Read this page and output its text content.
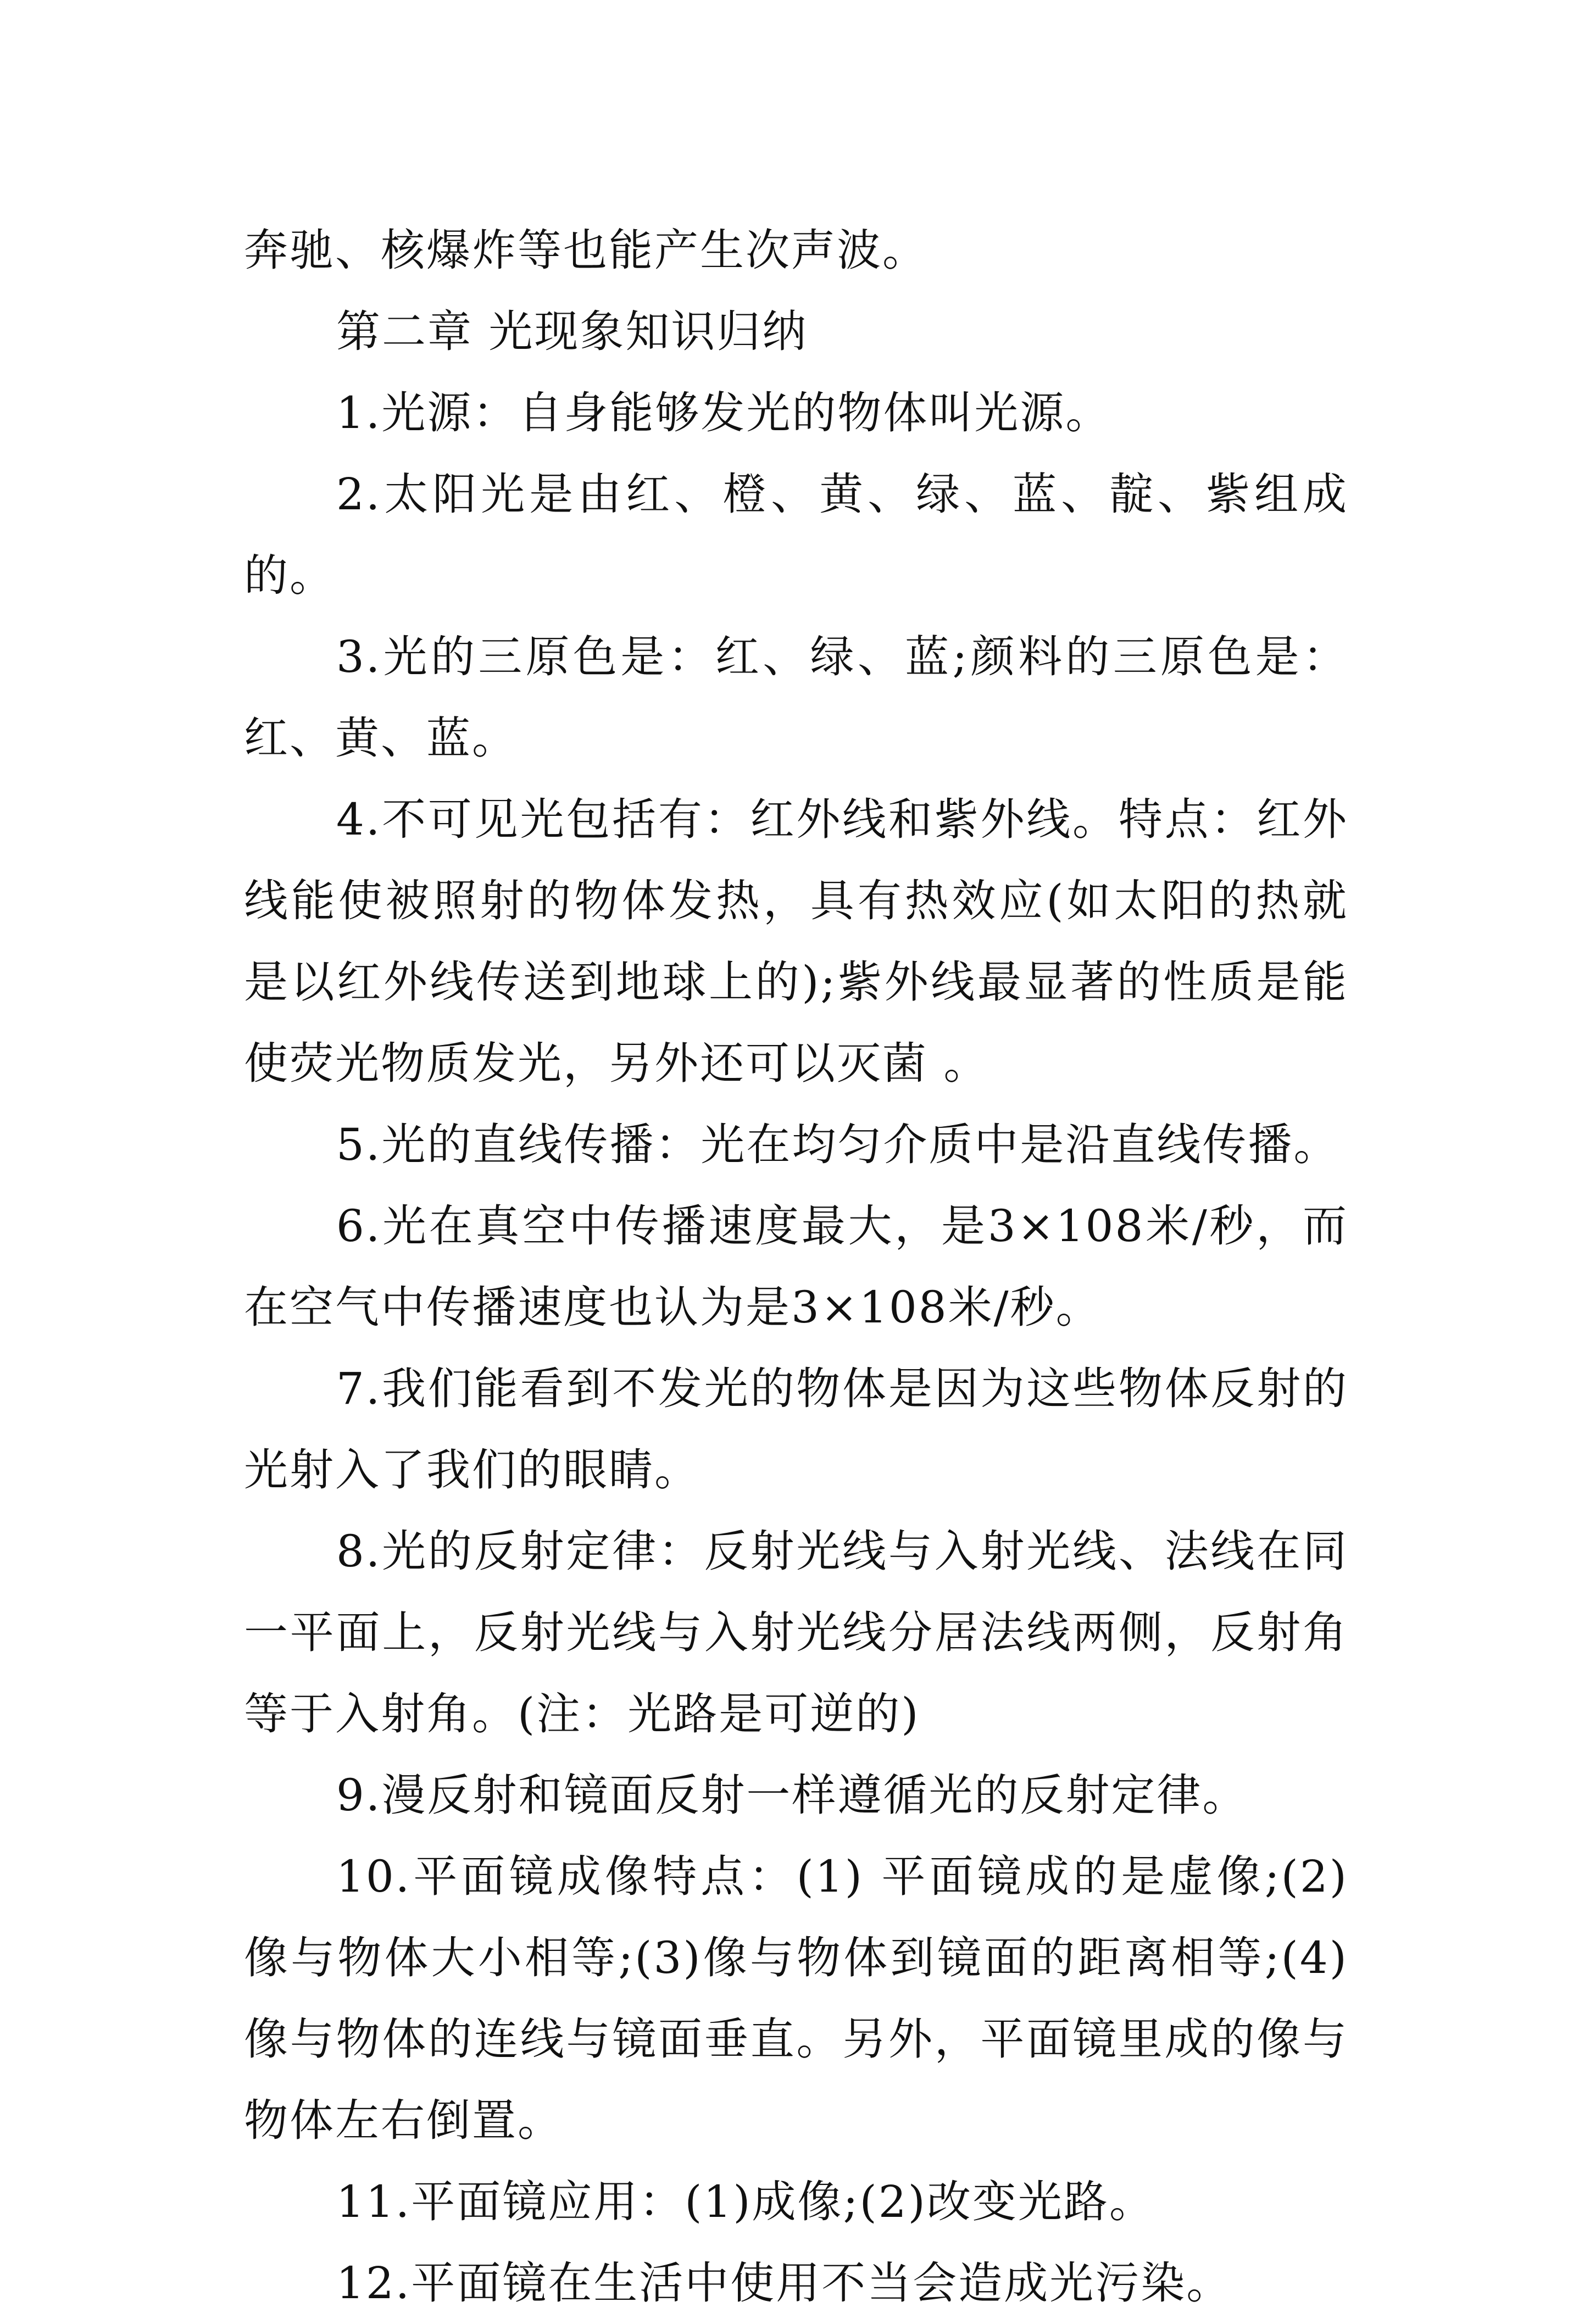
奔驰、核爆炸等也能产生次声波。

第二章 光现象知识归纳

1.光源：自身能够发光的物体叫光源。

2.太阳光是由红、橙、黄、绿、蓝、靛、紫组成的。

3.光的三原色是：红、绿、蓝;颜料的三原色是：红、黄、蓝。

4.不可见光包括有：红外线和紫外线。特点：红外线能使被照射的物体发热，具有热效应(如太阳的热就是以红外线传送到地球上的);紫外线最显著的性质是能使荧光物质发光，另外还可以灭菌 。

5.光的直线传播：光在均匀介质中是沿直线传播。

6.光在真空中传播速度最大，是3×108米/秒，而在空气中传播速度也认为是3×108米/秒。

7.我们能看到不发光的物体是因为这些物体反射的光射入了我们的眼睛。

8.光的反射定律：反射光线与入射光线、法线在同一平面上，反射光线与入射光线分居法线两侧，反射角等于入射角。(注：光路是可逆的)

9.漫反射和镜面反射一样遵循光的反射定律。

10.平面镜成像特点：(1) 平面镜成的是虚像;(2) 像与物体大小相等;(3)像与物体到镜面的距离相等;(4)像与物体的连线与镜面垂直。另外，平面镜里成的像与物体左右倒置。

11.平面镜应用：(1)成像;(2)改变光路。

12.平面镜在生活中使用不当会造成光污染。
